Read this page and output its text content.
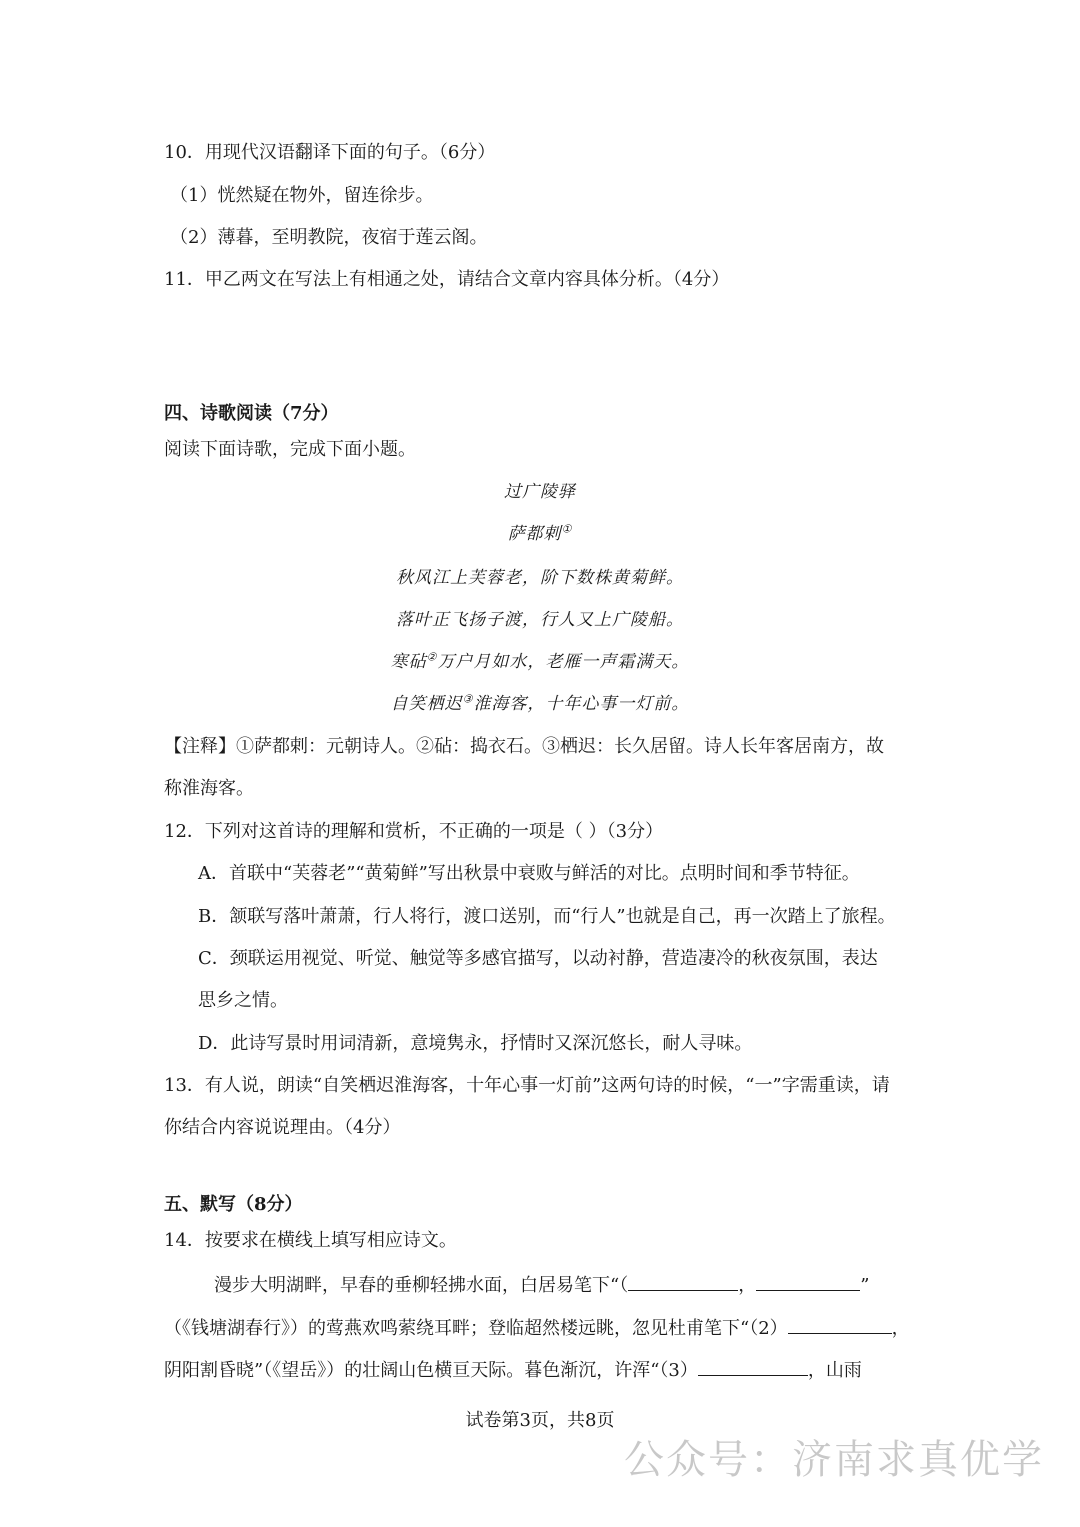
10．用现代汉语翻译下面的句子。（6分）
（1）恍然疑在物外，留连徐步。
（2）薄暮，至明教院，夜宿于莲云阁。
11．甲乙两文在写法上有相通之处，请结合文章内容具体分析。（4分）
四、诗歌阅读（7分）
阅读下面诗歌，完成下面小题。
过广陵驿
萨都剌①
秋风江上芙蓉老，阶下数株黄菊鲜。
落叶正飞扬子渡，行人又上广陵船。
寒砧②万户月如水，老雁一声霜满天。
自笑栖迟③淮海客，十年心事一灯前。
【注释】①萨都剌：元朝诗人。②砧：捣衣石。③栖迟：长久居留。诗人长年客居南方，故
称淮海客。
12．下列对这首诗的理解和赏析，不正确的一项是（ ）（3分）
A．首联中“芙蓉老”“黄菊鲜”写出秋景中衰败与鲜活的对比。点明时间和季节特征。
B．颔联写落叶萧萧，行人将行，渡口送别，而“行人”也就是自己，再一次踏上了旅程。
C．颈联运用视觉、听觉、触觉等多感官描写，以动衬静，营造凄冷的秋夜氛围，表达
思乡之情。
D．此诗写景时用词清新，意境隽永，抒情时又深沉悠长，耐人寻味。
13．有人说，朗读“自笑栖迟淮海客，十年心事一灯前”这两句诗的时候，“一”字需重读，请
你结合内容说说理由。（4分）
五、默写（8分）
14．按要求在横线上填写相应诗文。
漫步大明湖畔，早春的垂柳轻拂水面，白居易笔下“（	，	”
（《钱塘湖春行》）的莺燕欢鸣萦绕耳畔；登临超然楼远眺，忽见杜甫笔下“（2）	，
阴阳割昏晓”（《望岳》）的壮阔山色横亘天际。暮色渐沉，许浑“（3）	，山雨
试卷第3页，共8页
公众号：济南求真优学
